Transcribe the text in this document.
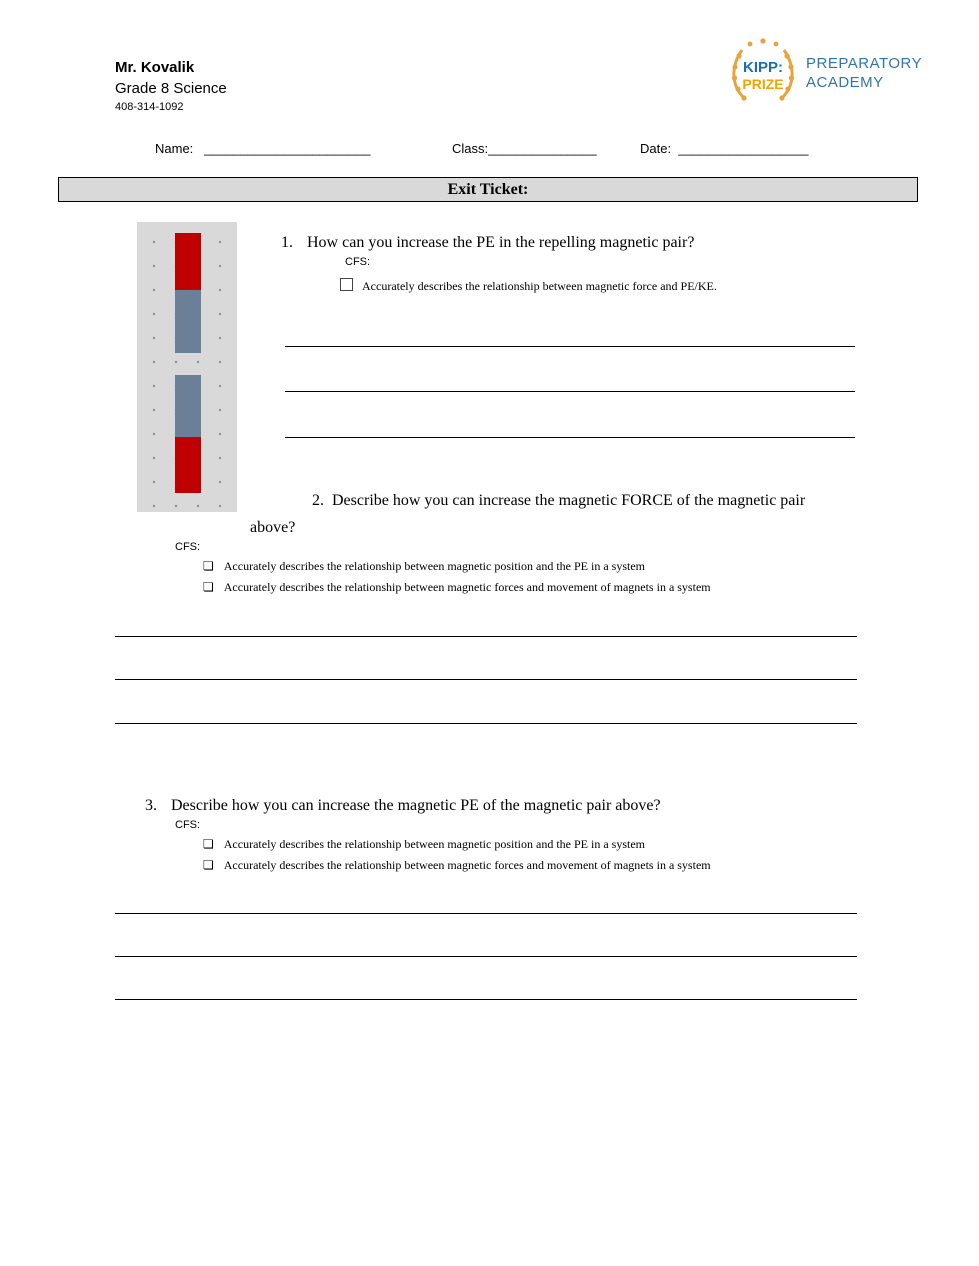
Mr. Kovalik
Grade 8 Science
408-314-1092
KIPP:
PRIZE
PREPARATORY
ACADEMY
Name: _______________________	Class:_______________	Date: __________________
Exit Ticket:
1. How can you increase the PE in the repelling magnetic pair?
CFS:
Accurately describes the relationship between magnetic force and PE/KE.
2. Describe how you can increase the magnetic FORCE of the magnetic pair above?
CFS:
❏ Accurately describes the relationship between magnetic position and the PE in a system
❏ Accurately describes the relationship between magnetic forces and movement of magnets in a system
3. Describe how you can increase the magnetic PE of the magnetic pair above?
CFS:
❏ Accurately describes the relationship between magnetic position and the PE in a system
❏ Accurately describes the relationship between magnetic forces and movement of magnets in a system
